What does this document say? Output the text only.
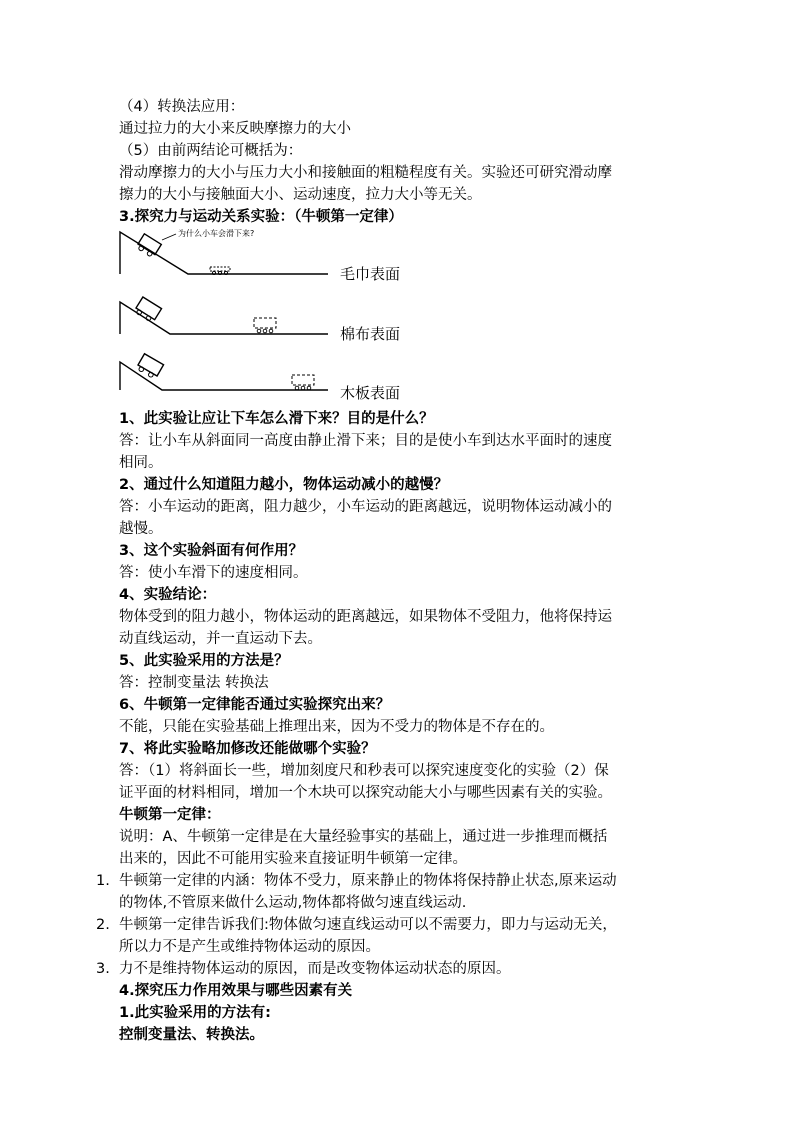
（4）转换法应用：
通过拉力的大小来反映摩擦力的大小
（5）由前两结论可概括为：
滑动摩擦力的大小与压力大小和接触面的粗糙程度有关。实验还可研究滑动摩
擦力的大小与接触面大小、运动速度，拉力大小等无关。
3.探究力与运动关系实验：（牛顿第一定律）
为什么小车会滑下来?
毛巾表面
棉布表面
木板表面
1、此实验让应让下车怎么滑下来？目的是什么？
答：让小车从斜面同一高度由静止滑下来；目的是使小车到达水平面时的速度
相同。
2、通过什么知道阻力越小，物体运动减小的越慢？
答：小车运动的距离，阻力越少，小车运动的距离越远，说明物体运动减小的
越慢。
3、这个实验斜面有何作用？
答：使小车滑下的速度相同。
4、实验结论：
物体受到的阻力越小，物体运动的距离越远，如果物体不受阻力，他将保持运
动直线运动，并一直运动下去。
5、此实验采用的方法是？
答：控制变量法 转换法
6、牛顿第一定律能否通过实验探究出来？
不能，只能在实验基础上推理出来，因为不受力的物体是不存在的。
7、将此实验略加修改还能做哪个实验？
答：（1）将斜面长一些，增加刻度尺和秒表可以探究速度变化的实验（2）保
证平面的材料相同，增加一个木块可以探究动能大小与哪些因素有关的实验。
牛顿第一定律：
说明：A、牛顿第一定律是在大量经验事实的基础上，通过进一步推理而概括
出来的，因此不可能用实验来直接证明牛顿第一定律。
1. 牛顿第一定律的内涵：物体不受力，原来静止的物体将保持静止状态,原来运动
的物体,不管原来做什么运动,物体都将做匀速直线运动.
2. 牛顿第一定律告诉我们:物体做匀速直线运动可以不需要力，即力与运动无关，
所以力不是产生或维持物体运动的原因。
3. 力不是维持物体运动的原因，而是改变物体运动状态的原因。
4.探究压力作用效果与哪些因素有关
1.此实验采用的方法有:
控制变量法、转换法。
